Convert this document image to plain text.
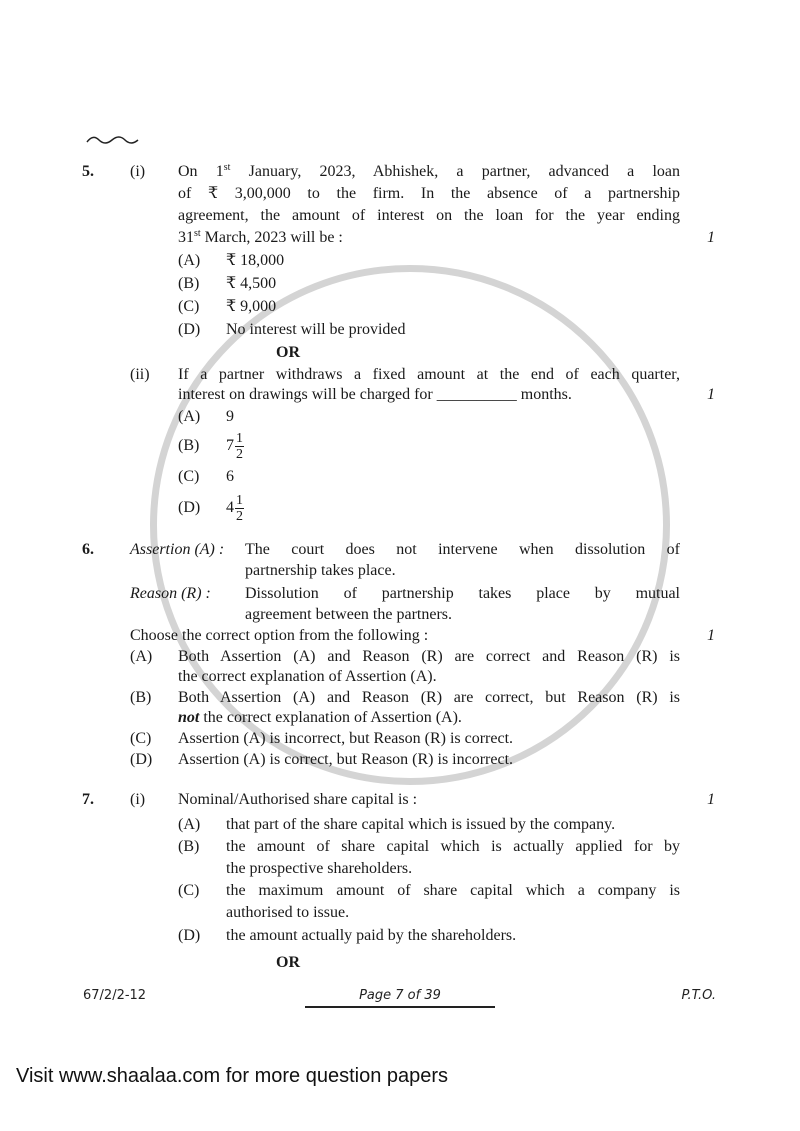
5. (i) On 1st January, 2023, Abhishek, a partner, advanced a loan
of ₹ 3,00,000 to the firm. In the absence of a partnership
agreement, the amount of interest on the loan for the year ending
31st March, 2023 will be :	1
(A) ₹ 18,000
(B) ₹ 4,500
(C) ₹ 9,000
(D) No interest will be provided
OR
(ii) If a partner withdraws a fixed amount at the end of each quarter,
interest on drawings will be charged for __________ months.	1
(A) 9
(B) $7 \frac{1}{2}$
(C) 6
(D) $4 \frac{1}{2}$
6. Assertion (A) : The court does not intervene when dissolution of
partnership takes place.
Reason (R) : Dissolution of partnership takes place by mutual
agreement between the partners.
Choose the correct option from the following :	1
(A) Both Assertion (A) and Reason (R) are correct and Reason (R) is
the correct explanation of Assertion (A).
(B) Both Assertion (A) and Reason (R) are correct, but Reason (R) is
not the correct explanation of Assertion (A).
(C) Assertion (A) is incorrect, but Reason (R) is correct.
(D) Assertion (A) is correct, but Reason (R) is incorrect.
7. (i) Nominal/Authorised share capital is :	1
(A) that part of the share capital which is issued by the company.
(B) the amount of share capital which is actually applied for by
the prospective shareholders.
(C) the maximum amount of share capital which a company is
authorised to issue.
(D) the amount actually paid by the shareholders.
OR
67/2/2-12	Page 7 of 39	P.T.O.
Visit www.shaalaa.com for more question papers
